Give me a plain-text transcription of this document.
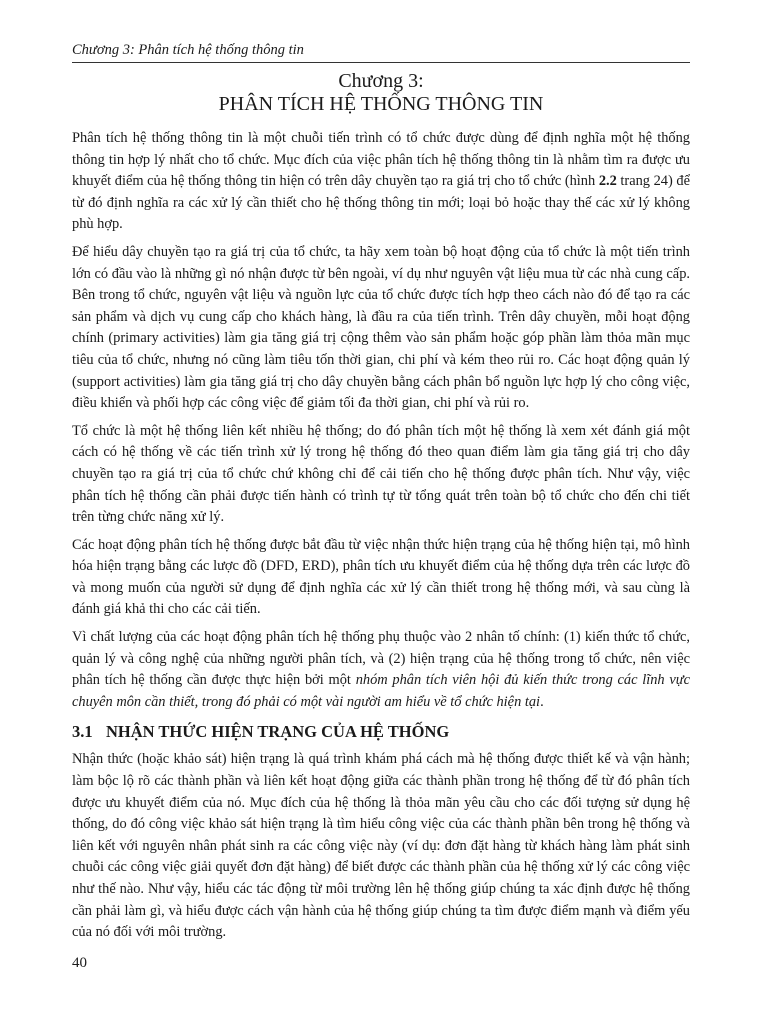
Chương 3: Phân tích hệ thống thông tin
Chương 3:
PHÂN TÍCH HỆ THỐNG THÔNG TIN

Phân tích hệ thống thông tin là một chuỗi tiến trình có tổ chức được dùng để định nghĩa một hệ thống thông tin hợp lý nhất cho tổ chức. Mục đích của việc phân tích hệ thống thông tin là nhằm tìm ra được ưu khuyết điểm của hệ thống thông tin hiện có trên dây chuyền tạo ra giá trị cho tổ chức (hình 2.2 trang 24) để từ đó định nghĩa ra các xử lý cần thiết cho hệ thống thông tin mới; loại bỏ hoặc thay thế các xử lý không phù hợp.

Để hiểu dây chuyền tạo ra giá trị của tổ chức, ta hãy xem toàn bộ hoạt động của tổ chức là một tiến trình lớn có đầu vào là những gì nó nhận được từ bên ngoài, ví dụ như nguyên vật liệu mua từ các nhà cung cấp. Bên trong tổ chức, nguyên vật liệu và nguồn lực của tổ chức được tích hợp theo cách nào đó để tạo ra các sản phẩm và dịch vụ cung cấp cho khách hàng, là đầu ra của tiến trình. Trên dây chuyền, mỗi hoạt động chính (primary activities) làm gia tăng giá trị cộng thêm vào sản phẩm hoặc góp phần làm thỏa mãn mục tiêu của tổ chức, nhưng nó cũng làm tiêu tốn thời gian, chi phí và kém theo rủi ro. Các hoạt động quản lý (support activities) làm gia tăng giá trị cho dây chuyền bằng cách phân bổ nguồn lực hợp lý cho công việc, điều khiển và phối hợp các công việc để giảm tối đa thời gian, chi phí và rủi ro.

Tổ chức là một hệ thống liên kết nhiều hệ thống; do đó phân tích một hệ thống là xem xét đánh giá một cách có hệ thống về các tiến trình xử lý trong hệ thống đó theo quan điểm làm gia tăng giá trị cho dây chuyền tạo ra giá trị của tổ chức chứ không chỉ để cải tiến cho hệ thống được phân tích. Như vậy, việc phân tích hệ thống cần phải được tiến hành có trình tự từ tổng quát trên toàn bộ tổ chức cho đến chi tiết trên từng chức năng xử lý.

Các hoạt động phân tích hệ thống được bắt đầu từ việc nhận thức hiện trạng của hệ thống hiện tại, mô hình hóa hiện trạng bằng các lược đồ (DFD, ERD), phân tích ưu khuyết điểm của hệ thống dựa trên các lược đồ và mong muốn của người sử dụng để định nghĩa các xử lý cần thiết trong hệ thống mới, và sau cùng là đánh giá khả thi cho các cải tiến.

Vì chất lượng của các hoạt động phân tích hệ thống phụ thuộc vào 2 nhân tố chính: (1) kiến thức tổ chức, quản lý và công nghệ của những người phân tích, và (2) hiện trạng của hệ thống trong tổ chức, nên việc phân tích hệ thống cần được thực hiện bởi một nhóm phân tích viên hội đủ kiến thức trong các lĩnh vực chuyên môn cần thiết, trong đó phải có một vài người am hiểu về tổ chức hiện tại.

3.1 NHẬN THỨC HIỆN TRẠNG CỦA HỆ THỐNG

Nhận thức (hoặc khảo sát) hiện trạng là quá trình khám phá cách mà hệ thống được thiết kế và vận hành; làm bộc lộ rõ các thành phần và liên kết hoạt động giữa các thành phần trong hệ thống để từ đó phân tích được ưu khuyết điểm của nó. Mục đích của hệ thống là thỏa mãn yêu cầu cho các đối tượng sử dụng hệ thống, do đó công việc khảo sát hiện trạng là tìm hiểu công việc của các thành phần bên trong hệ thống và liên kết với nguyên nhân phát sinh ra các công việc này (ví dụ: đơn đặt hàng từ khách hàng làm phát sinh chuỗi các công việc giải quyết đơn đặt hàng) để biết được các thành phần của hệ thống xử lý các công việc như thế nào. Như vậy, hiểu các tác động từ môi trường lên hệ thống giúp chúng ta xác định được hệ thống cần phải làm gì, và hiểu được cách vận hành của hệ thống giúp chúng ta tìm được điểm mạnh và điểm yếu của nó đối với môi trường.

40
